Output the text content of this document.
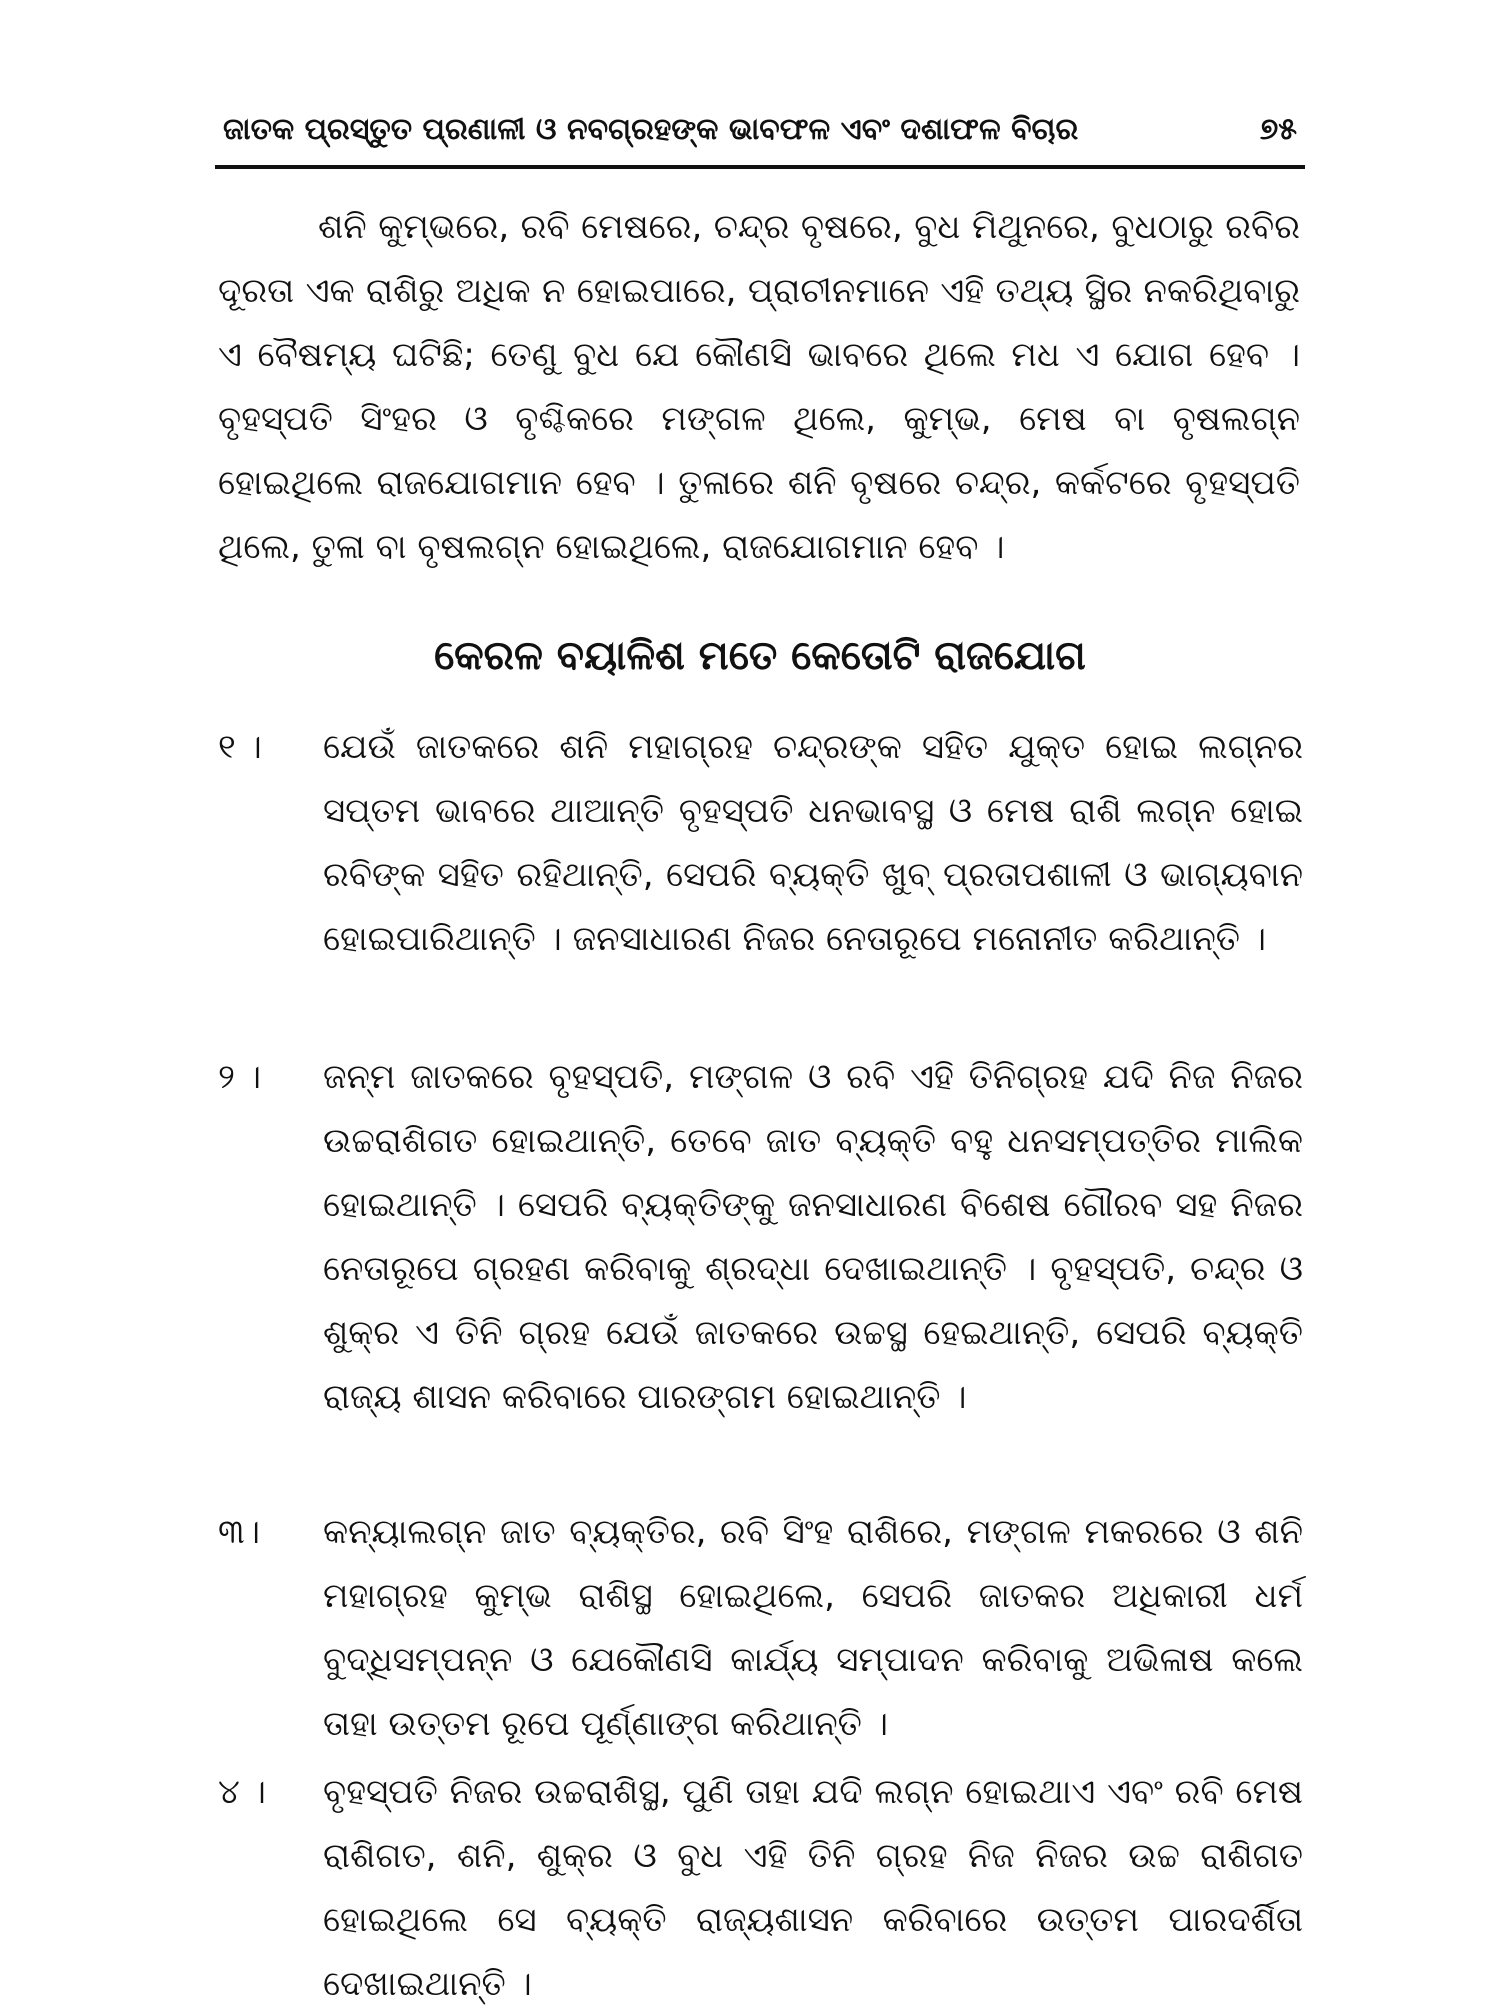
ଜାତକ ପ୍ରସ୍ତୁତ ପ୍ରଣାଳୀ ଓ ନବଗ୍ରହଙ୍କ ଭାବଫଳ ଏବଂ ଦଶାଫଳ ବିଚାର	୭୫
ଶନି କୁମ୍ଭରେ, ରବି ମେଷରେ, ଚନ୍ଦ୍ର ବୃଷରେ, ବୁଧ ମିଥୁନରେ, ବୁଧଠାରୁ ରବିର ଦୂରତା ଏକ ରାଶିରୁ ଅଧିକ ନ ହୋଇପାରେ, ପ୍ରାଚୀନମାନେ ଏହି ତଥ୍ୟ ସ୍ଥିର ନକରିଥିବାରୁ ଏ ବୈଷମ୍ୟ ଘଟିଛି; ତେଣୁ ବୁଧ ଯେ କୌଣସି ଭାବରେ ଥିଲେ ମଧ ଏ ଯୋଗ ହେବ । ବୃହସ୍ପତି ସିଂହର ଓ ବୃଶ୍ଚିକରେ ମଙ୍ଗଳ ଥିଲେ, କୁମ୍ଭ, ମେଷ ବା ବୃଷଲଗ୍ନ ହୋଇଥିଲେ ରାଜଯୋଗମାନ ହେବ । ତୁଳାରେ ଶନି ବୃଷରେ ଚନ୍ଦ୍ର, କର୍କଟରେ ବୃହସ୍ପତି ଥିଲେ, ତୁଳା ବା ବୃଷଲଗ୍ନ ହୋଇଥିଲେ, ରାଜଯୋଗମାନ ହେବ ।
କେରଳ ବୟାଳିଶ ମତେ କେତୋଟି ରାଜଯୋଗ
୧ ।	ଯେଉଁ ଜାତକରେ ଶନି ମହାଗ୍ରହ ଚନ୍ଦ୍ରଙ୍କ ସହିତ ଯୁକ୍ତ ହୋଇ ଲଗ୍ନର ସପ୍ତମ ଭାବରେ ଥାଆନ୍ତି ବୃହସ୍ପତି ଧନଭାବସ୍ଥ ଓ ମେଷ ରାଶି ଲଗ୍ନ ହୋଇ ରବିଙ୍କ ସହିତ ରହିଥାନ୍ତି, ସେପରି ବ୍ୟକ୍ତି ଖୁବ୍ ପ୍ରତାପଶାଳୀ ଓ ଭାଗ୍ୟବାନ ହୋଇପାରିଥାନ୍ତି । ଜନସାଧାରଣ ନିଜର ନେତାରୂପେ ମନୋନୀତ କରିଥାନ୍ତି ।
୨ ।	ଜନ୍ମ ଜାତକରେ ବୃହସ୍ପତି, ମଙ୍ଗଳ ଓ ରବି ଏହି ତିନିଗ୍ରହ ଯଦି ନିଜ ନିଜର ଉଚ୍ଚରାଶିଗତ ହୋଇଥାନ୍ତି, ତେବେ ଜାତ ବ୍ୟକ୍ତି ବହୁ ଧନସମ୍ପତ୍ତିର ମାଲିକ ହୋଇଥାନ୍ତି । ସେପରି ବ୍ୟକ୍ତିଙ୍କୁ ଜନସାଧାରଣ ବିଶେଷ ଗୌରବ ସହ ନିଜର ନେତାରୂପେ ଗ୍ରହଣ କରିବାକୁ ଶ୍ରଦ୍ଧା ଦେଖାଇଥାନ୍ତି । ବୃହସ୍ପତି, ଚନ୍ଦ୍ର ଓ ଶୁକ୍ର ଏ ତିନି ଗ୍ରହ ଯେଉଁ ଜାତକରେ ଉଚ୍ଚସ୍ଥ ହେଇଥାନ୍ତି, ସେପରି ବ୍ୟକ୍ତି ରାଜ୍ୟ ଶାସନ କରିବାରେ ପାରଙ୍ଗମ ହୋଇଥାନ୍ତି ।
୩।	କନ୍ୟାଲଗ୍ନ ଜାତ ବ୍ୟକ୍ତିର, ରବି ସିଂହ ରାଶିରେ, ମଙ୍ଗଳ ମକରରେ ଓ ଶନି ମହାଗ୍ରହ କୁମ୍ଭ ରାଶିସ୍ଥ ହୋଇଥିଲେ, ସେପରି ଜାତକର ଅଧିକାରୀ ଧର୍ମ ବୁଦ୍ଧିସମ୍ପନ୍ନ ଓ ଯେକୌଣସି କାର୍ଯ୍ୟ ସମ୍ପାଦନ କରିବାକୁ ଅଭିଳାଷ କଲେ ତାହା ଉତ୍ତମ ରୂପେ ପୂର୍ଣ୍ଣାଙ୍ଗ କରିଥାନ୍ତି ।
୪ ।	ବୃହସ୍ପତି ନିଜର ଉଚ୍ଚରାଶିସ୍ଥ, ପୁଣି ତାହା ଯଦି ଲଗ୍ନ ହୋଇଥାଏ ଏବଂ ରବି ମେଷ ରାଶିଗତ, ଶନି, ଶୁକ୍ର ଓ ବୁଧ ଏହି ତିନି ଗ୍ରହ ନିଜ ନିଜର ଉଚ୍ଚ ରାଶିଗତ ହୋଇଥିଲେ ସେ ବ୍ୟକ୍ତି ରାଜ୍ୟଶାସନ କରିବାରେ ଉତ୍ତମ ପାରଦର୍ଶିତା ଦେଖାଇଥାନ୍ତି ।
